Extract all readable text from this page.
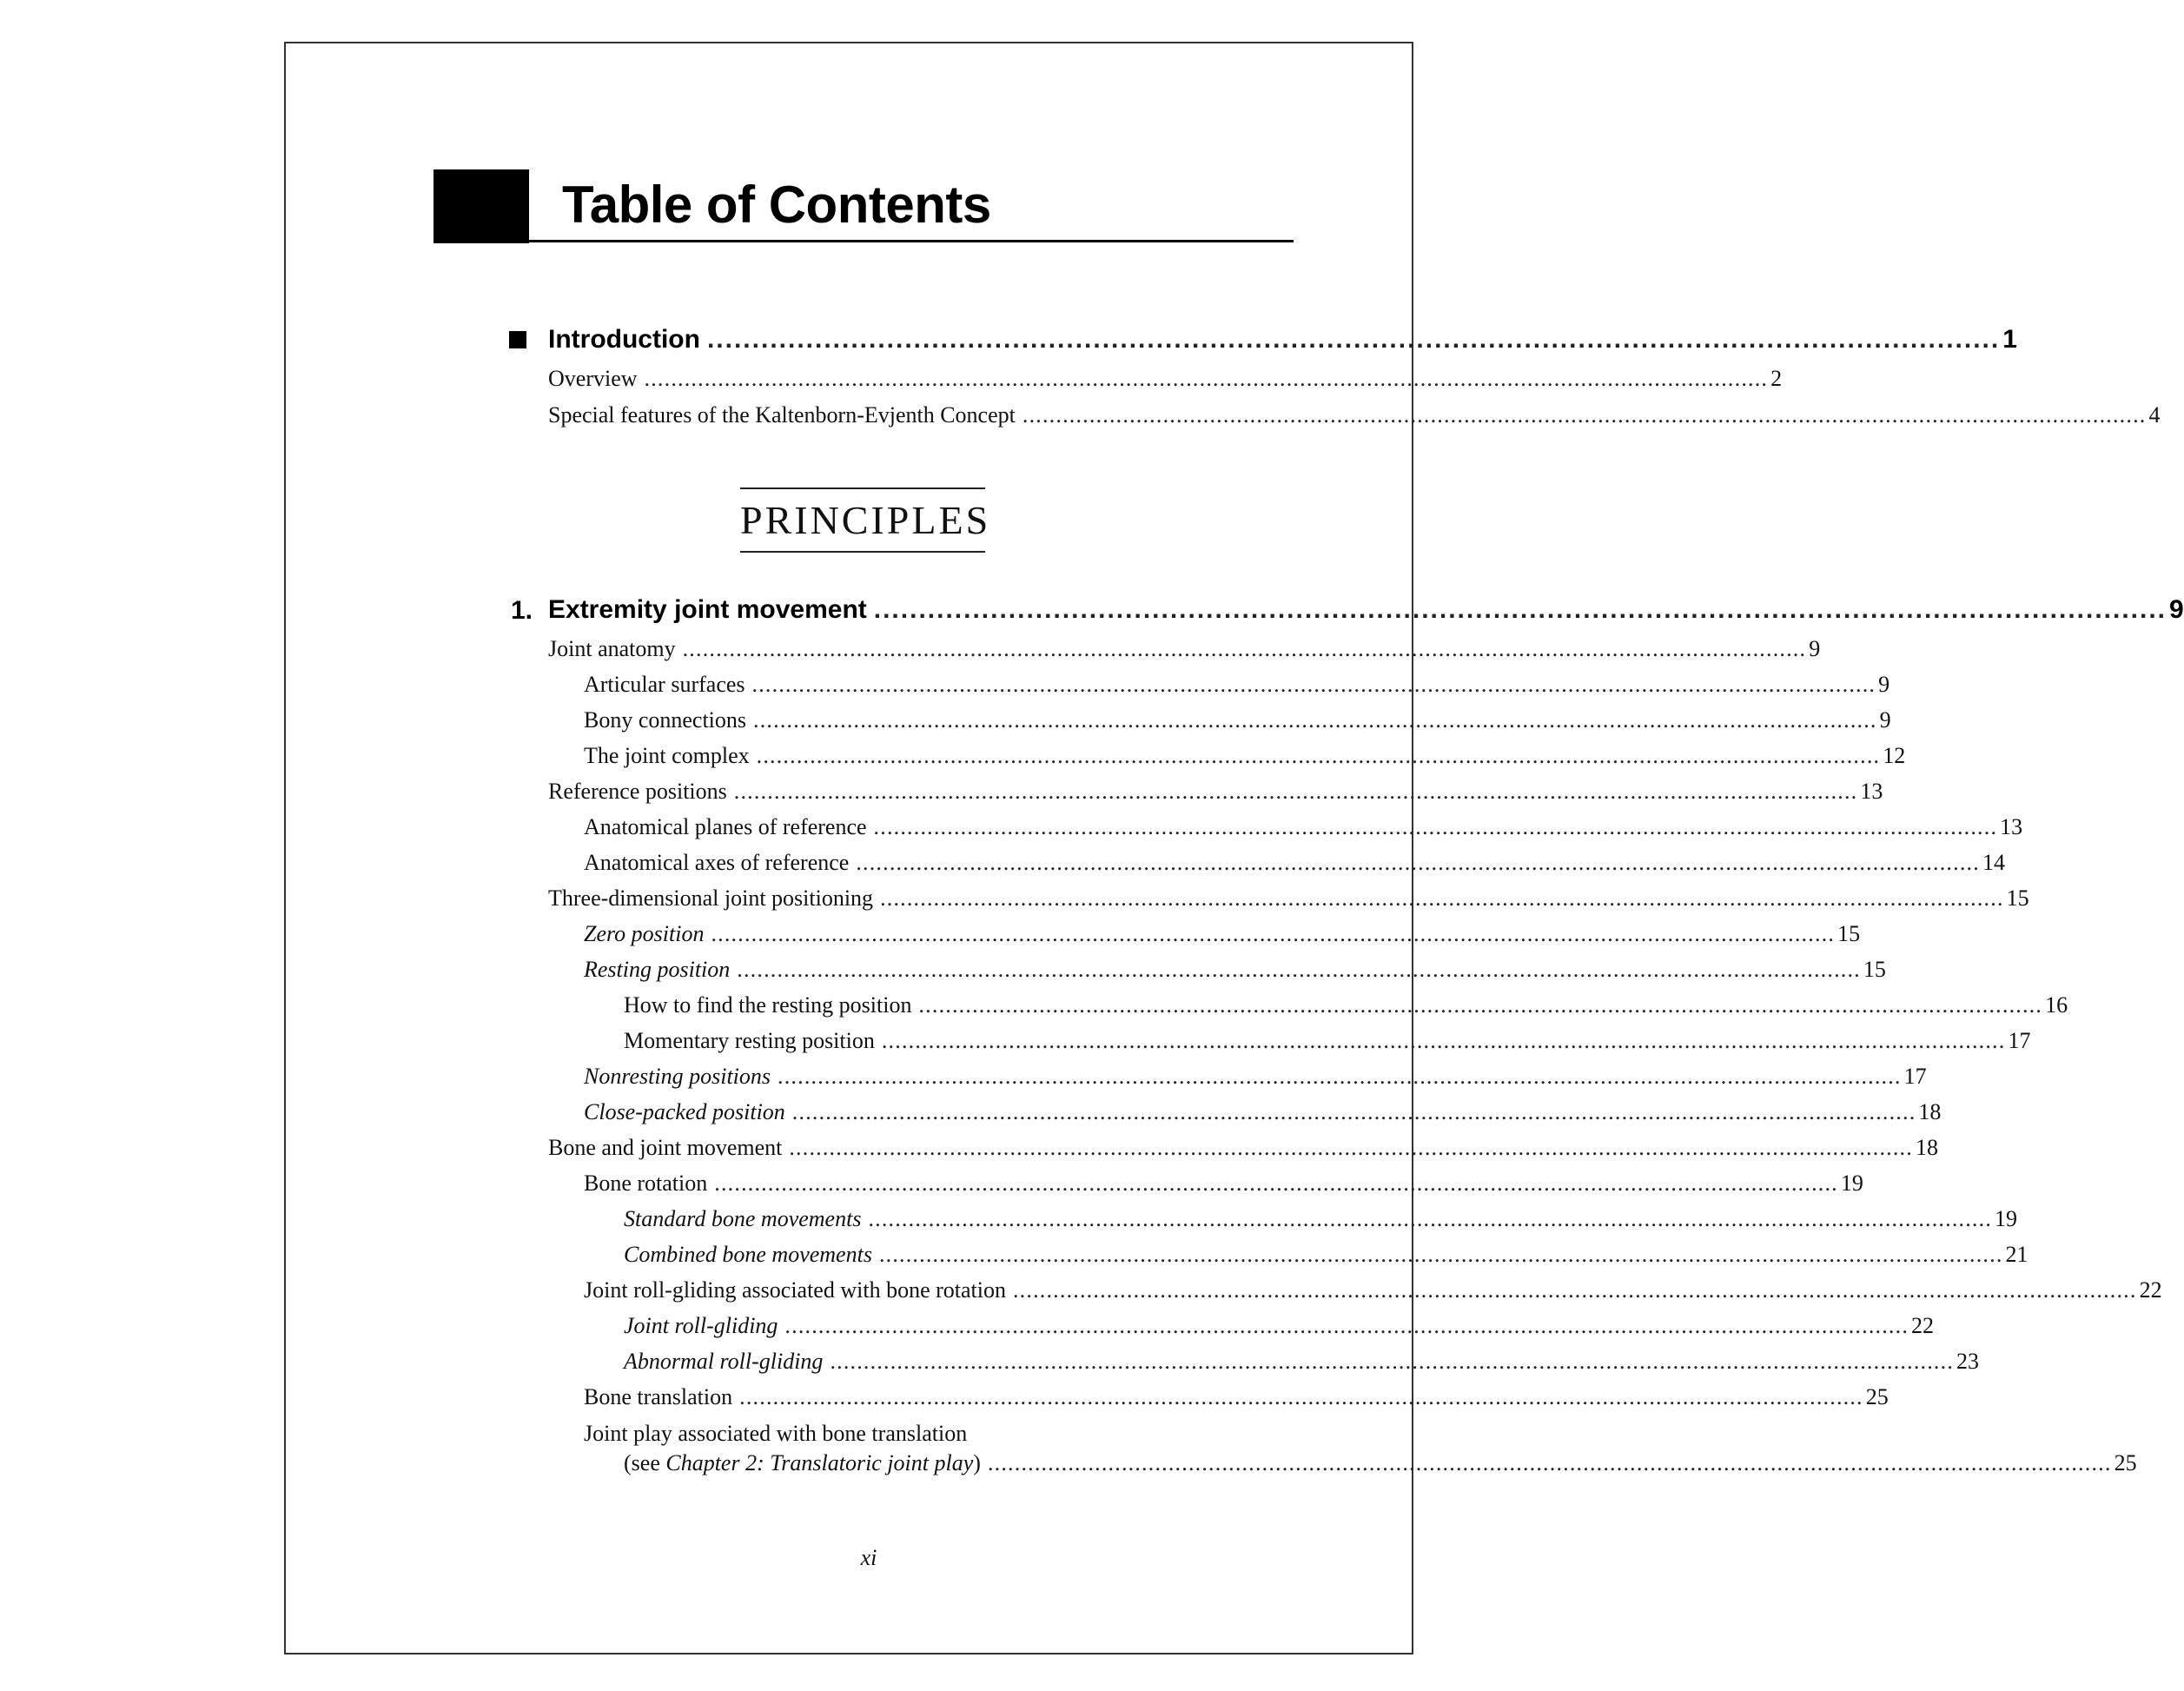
Table of Contents
Introduction ................................................................................................................................................ 1
Overview ........................................................................................................................................................................ 2
Special features of the Kaltenborn-Evjenth Concept ........................................................................................................................................................................ 4
PRINCIPLES
1. Extremity joint movement ................................................................................................................................................ 9
Joint anatomy ........................................................................................................................................................................ 9
Articular surfaces ........................................................................................................................................................................ 9
Bony connections ........................................................................................................................................................................ 9
The joint complex ........................................................................................................................................................................ 12
Reference positions ........................................................................................................................................................................ 13
Anatomical planes of reference ........................................................................................................................................................................ 13
Anatomical axes of reference ........................................................................................................................................................................ 14
Three-dimensional joint positioning ........................................................................................................................................................................ 15
Zero position ........................................................................................................................................................................ 15
Resting position ........................................................................................................................................................................ 15
How to find the resting position ........................................................................................................................................................................ 16
Momentary resting position ........................................................................................................................................................................ 17
Nonresting positions ........................................................................................................................................................................ 17
Close-packed position ........................................................................................................................................................................ 18
Bone and joint movement ........................................................................................................................................................................ 18
Bone rotation ........................................................................................................................................................................ 19
Standard bone movements ........................................................................................................................................................................ 19
Combined bone movements ........................................................................................................................................................................ 21
Joint roll-gliding associated with bone rotation ........................................................................................................................................................................ 22
Joint roll-gliding ........................................................................................................................................................................ 22
Abnormal roll-gliding ........................................................................................................................................................................ 23
Bone translation ........................................................................................................................................................................ 25
Joint play associated with bone translation
(see Chapter 2: Translatoric joint play) ........................................................................................................................................................................ 25
xi
